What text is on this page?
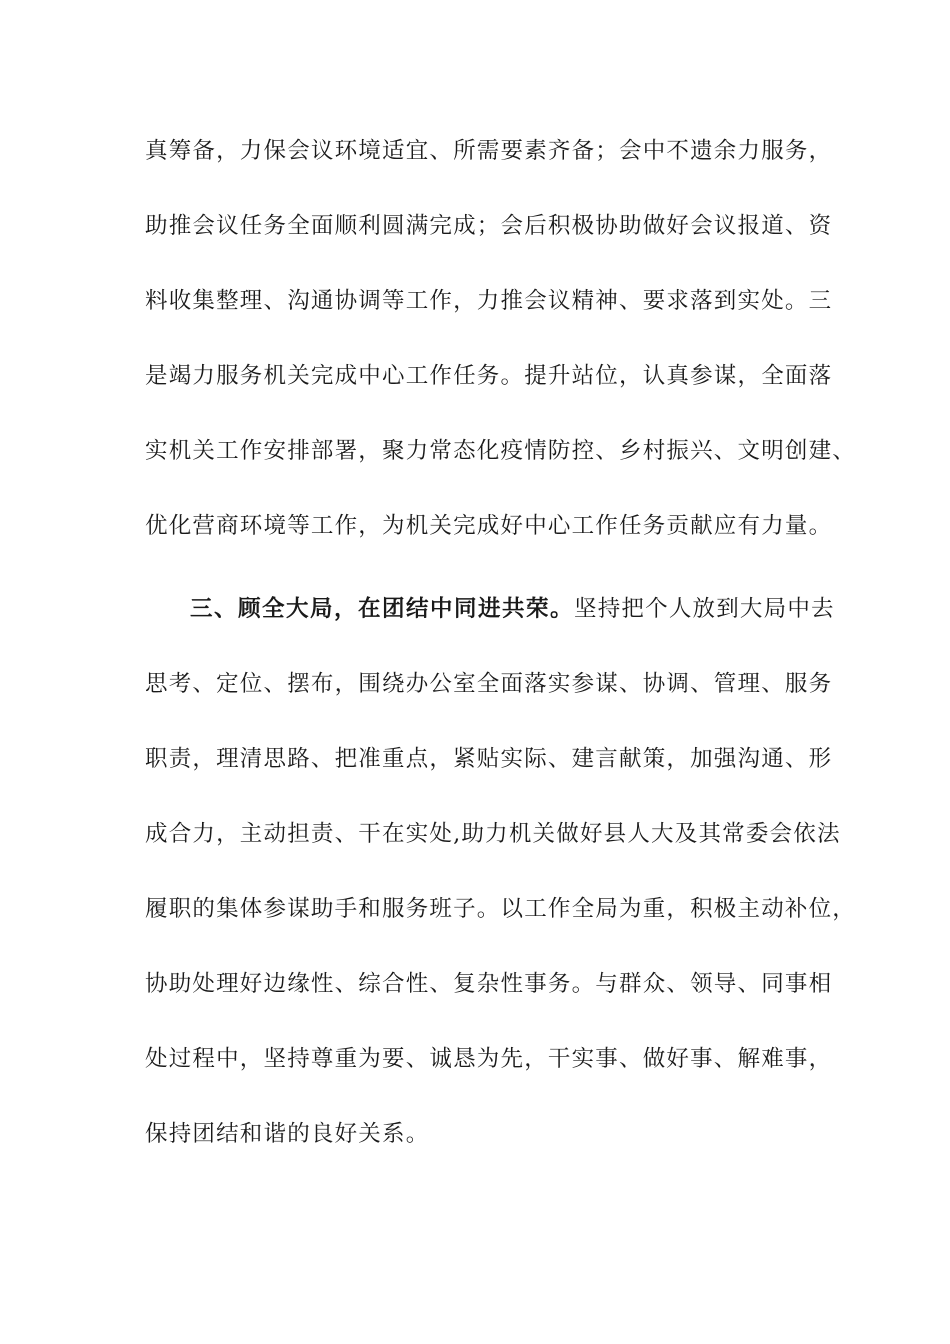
真筹备，力保会议环境适宜、所需要素齐备；会中不遗余力服务，
助推会议任务全面顺利圆满完成；会后积极协助做好会议报道、资
料收集整理、沟通协调等工作，力推会议精神、要求落到实处。三
是竭力服务机关完成中心工作任务。提升站位，认真参谋，全面落
实机关工作安排部署，聚力常态化疫情防控、乡村振兴、文明创建、
优化营商环境等工作，为机关完成好中心工作任务贡献应有力量。
三、顾全大局，在团结中同进共荣。坚持把个人放到大局中去
思考、定位、摆布，围绕办公室全面落实参谋、协调、管理、服务
职责，理清思路、把准重点，紧贴实际、建言献策，加强沟通、形
成合力，主动担责、干在实处,助力机关做好县人大及其常委会依法
履职的集体参谋助手和服务班子。以工作全局为重，积极主动补位，
协助处理好边缘性、综合性、复杂性事务。与群众、领导、同事相
处过程中，坚持尊重为要、诚恳为先，干实事、做好事、解难事，
保持团结和谐的良好关系。
